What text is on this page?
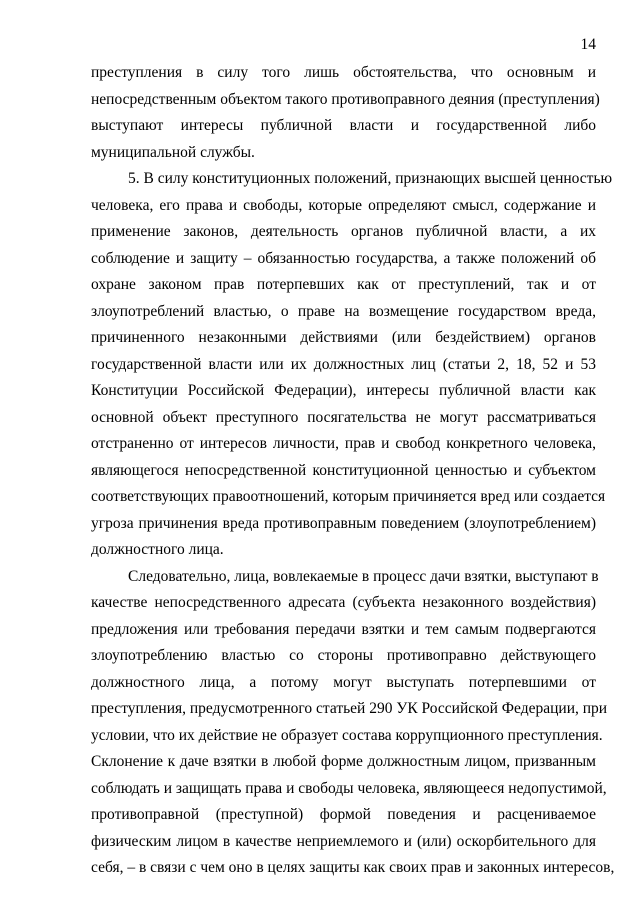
14
преступления в силу того лишь обстоятельства, что основным и
непосредственным объектом такого противоправного деяния (преступления)
выступают интересы публичной власти и государственной либо
муниципальной службы.
5. В силу конституционных положений, признающих высшей ценностью
человека, его права и свободы, которые определяют смысл, содержание и
применение законов, деятельность органов публичной власти, а их
соблюдение и защиту – обязанностью государства, а также положений об
охране законом прав потерпевших как от преступлений, так и от
злоупотреблений властью, о праве на возмещение государством вреда,
причиненного незаконными действиями (или бездействием) органов
государственной власти или их должностных лиц (статьи 2, 18, 52 и 53
Конституции Российской Федерации), интересы публичной власти как
основной объект преступного посягательства не могут рассматриваться
отстраненно от интересов личности, прав и свобод конкретного человека,
являющегося непосредственной конституционной ценностью и субъектом
соответствующих правоотношений, которым причиняется вред или создается
угроза причинения вреда противоправным поведением (злоупотреблением)
должностного лица.
Следовательно, лица, вовлекаемые в процесс дачи взятки, выступают в
качестве непосредственного адресата (субъекта незаконного воздействия)
предложения или требования передачи взятки и тем самым подвергаются
злоупотреблению властью со стороны противоправно действующего
должностного лица, а потому могут выступать потерпевшими от
преступления, предусмотренного статьей 290 УК Российской Федерации, при
условии, что их действие не образует состава коррупционного преступления.
Склонение к даче взятки в любой форме должностным лицом, призванным
соблюдать и защищать права и свободы человека, являющееся недопустимой,
противоправной (преступной) формой поведения и расцениваемое
физическим лицом в качестве неприемлемого и (или) оскорбительного для
себя, – в связи с чем оно в целях защиты как своих прав и законных интересов,
